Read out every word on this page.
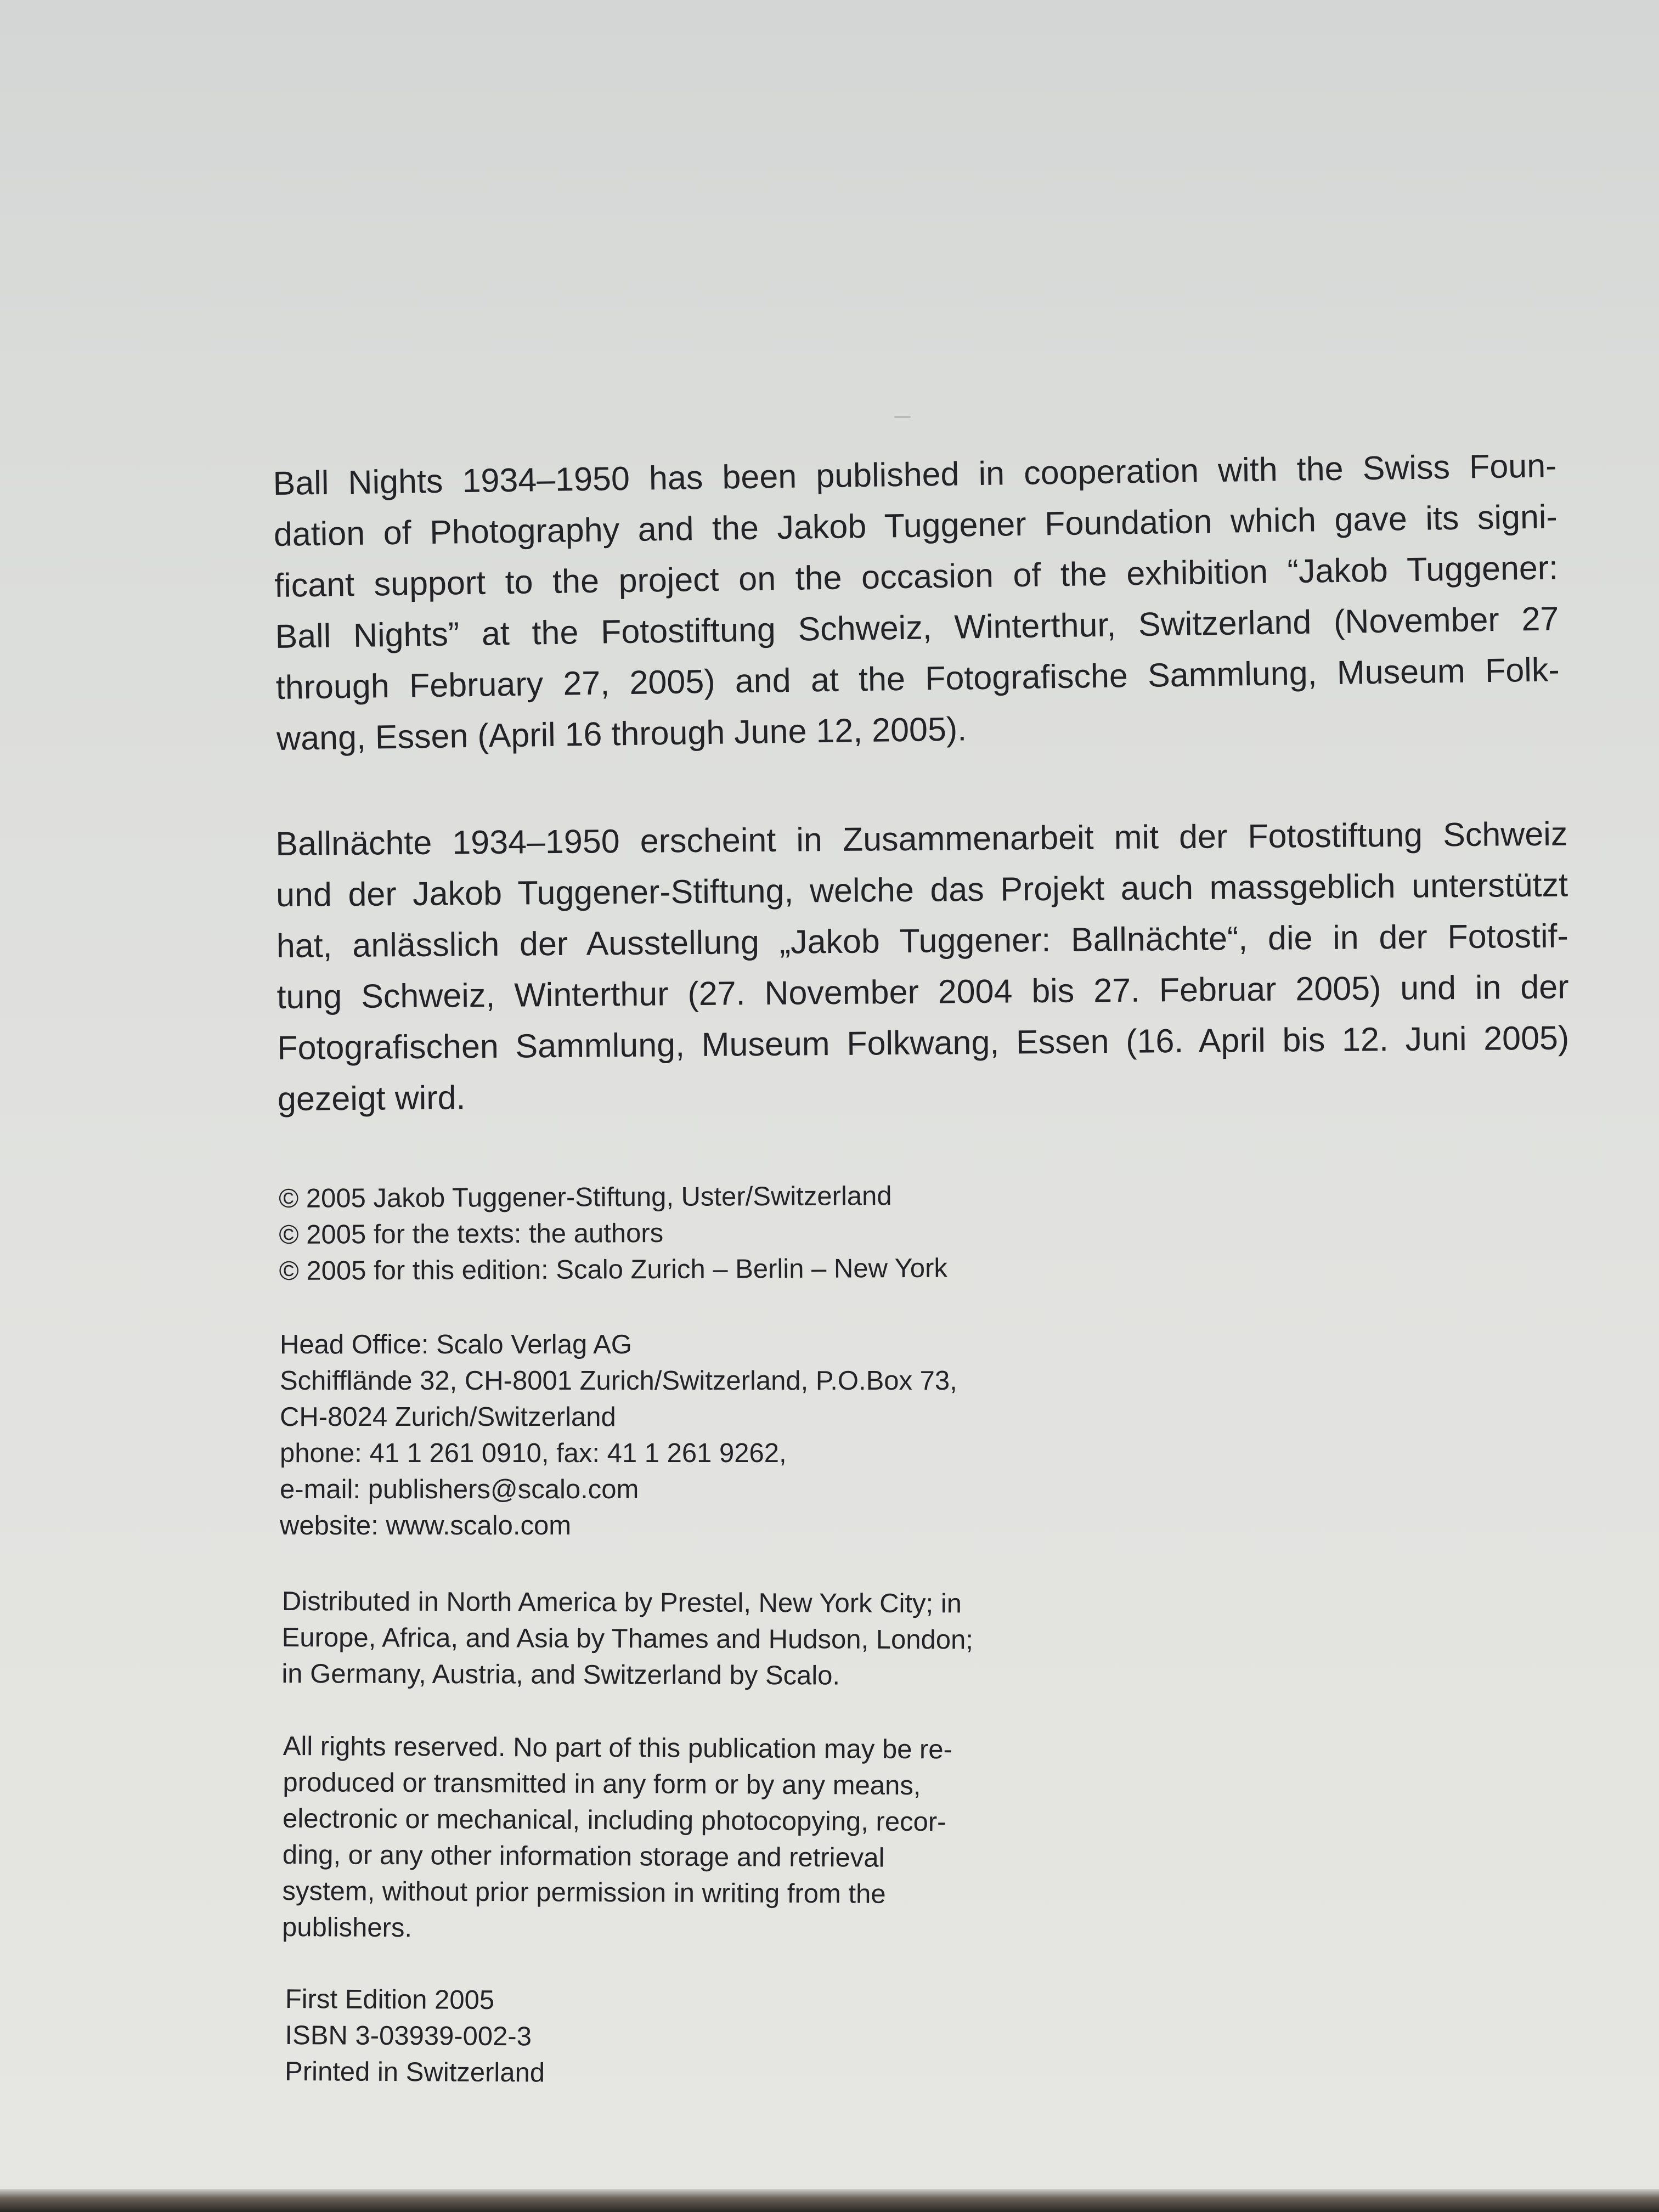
Ball Nights 1934–1950 has been published in cooperation with the Swiss Foun-
dation of Photography and the Jakob Tuggener Foundation which gave its signi-
ficant support to the project on the occasion of the exhibition “Jakob Tuggener:
Ball Nights” at the Fotostiftung Schweiz, Winterthur, Switzerland (November 27
through February 27, 2005) and at the Fotografische Sammlung, Museum Folk-
wang, Essen (April 16 through June 12, 2005).

Ballnächte 1934–1950 erscheint in Zusammenarbeit mit der Fotostiftung Schweiz
und der Jakob Tuggener-Stiftung, welche das Projekt auch massgeblich unterstützt
hat, anlässlich der Ausstellung „Jakob Tuggener: Ballnächte“, die in der Fotostif-
tung Schweiz, Winterthur (27. November 2004 bis 27. Februar 2005) und in der
Fotografischen Sammlung, Museum Folkwang, Essen (16. April bis 12. Juni 2005)
gezeigt wird.

© 2005 Jakob Tuggener-Stiftung, Uster/Switzerland
© 2005 for the texts: the authors
© 2005 for this edition: Scalo Zurich – Berlin – New York

Head Office: Scalo Verlag AG
Schifflände 32, CH-8001 Zurich/Switzerland, P.O.Box 73,
CH-8024 Zurich/Switzerland
phone: 41 1 261 0910, fax: 41 1 261 9262,
e-mail: publishers@scalo.com
website: www.scalo.com

Distributed in North America by Prestel, New York City; in
Europe, Africa, and Asia by Thames and Hudson, London;
in Germany, Austria, and Switzerland by Scalo.

All rights reserved. No part of this publication may be re-
produced or transmitted in any form or by any means,
electronic or mechanical, including photocopying, recor-
ding, or any other information storage and retrieval
system, without prior permission in writing from the
publishers.

First Edition 2005
ISBN 3-03939-002-3
Printed in Switzerland
